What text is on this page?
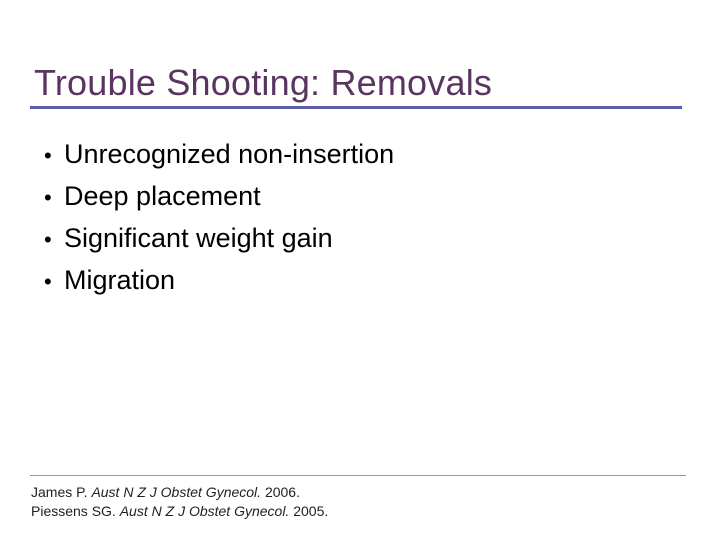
Trouble Shooting: Removals
• Unrecognized non-insertion
• Deep placement
• Significant weight gain
• Migration
James P. Aust N Z J Obstet Gynecol. 2006.
Piessens SG. Aust N Z J Obstet Gynecol. 2005.
